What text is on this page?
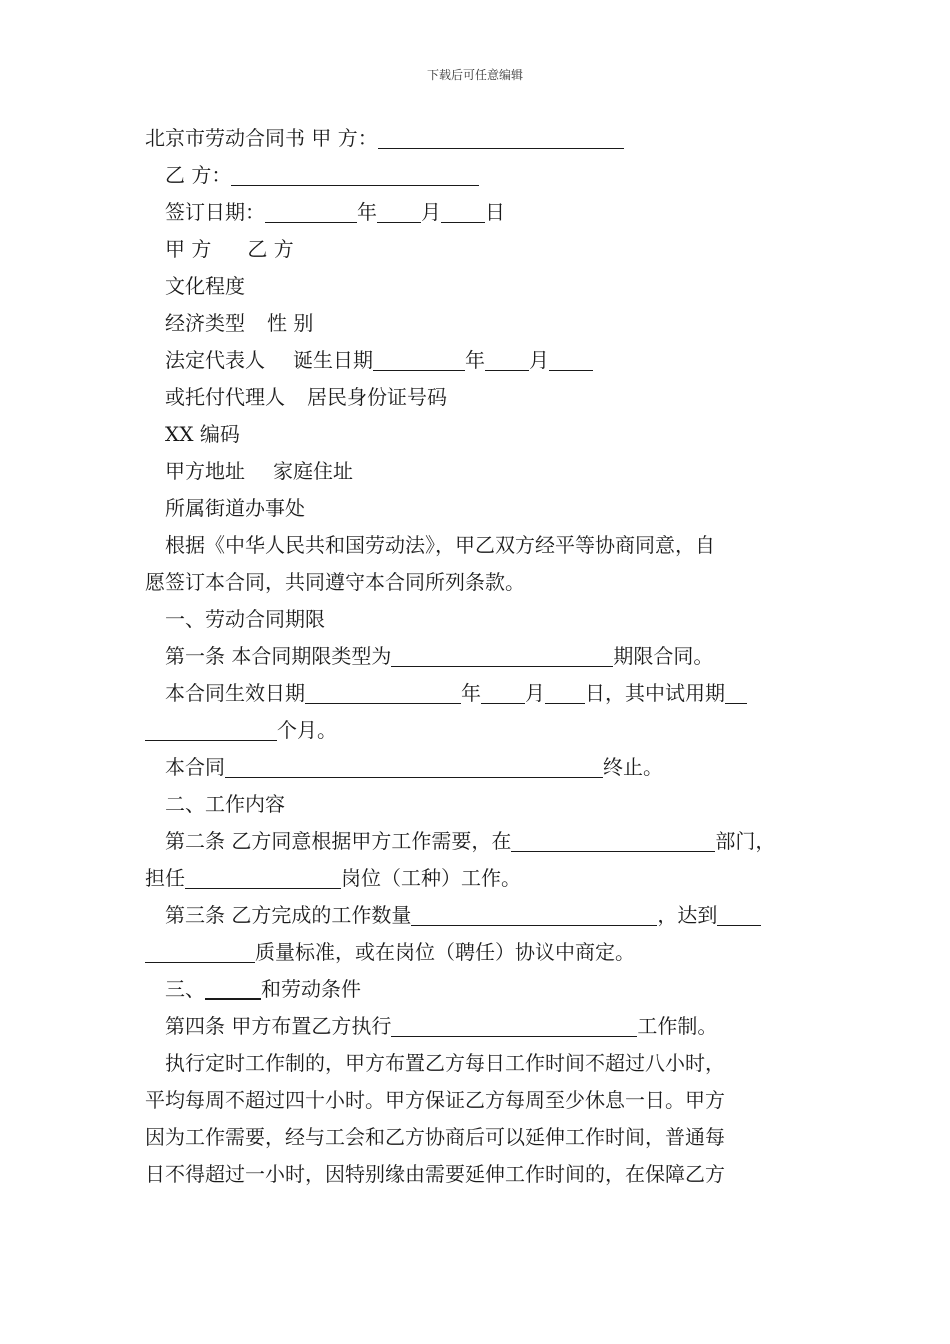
下载后可任意编辑
北京市劳动合同书 甲 方：
乙 方：
签订日期：	年 月 日
甲 方 乙 方
文化程度
经济类型 性 别
法定代表人 诞生日期	年 月
或托付代理人 居民身份证号码
XX 编码
甲方地址 家庭住址
所属街道办事处
根据《中华人民共和国劳动法》，甲乙双方经平等协商同意，自
愿签订本合同，共同遵守本合同所列条款。
一、劳动合同期限
第一条 本合同期限类型为	期限合同。
本合同生效日期	年 月 日，其中试用期
个月。
本合同	终止。
二、工作内容
第二条 乙方同意根据甲方工作需要，在	部门，
担任	岗位（工种）工作。
第三条 乙方完成的工作数量	，达到
质量标准，或在岗位（聘任）协议中商定。
三、	和劳动条件
第四条 甲方布置乙方执行	工作制。
执行定时工作制的，甲方布置乙方每日工作时间不超过八小时，
平均每周不超过四十小时。甲方保证乙方每周至少休息一日。甲方
因为工作需要，经与工会和乙方协商后可以延伸工作时间，普通每
日不得超过一小时，因特别缘由需要延伸工作时间的，在保障乙方
